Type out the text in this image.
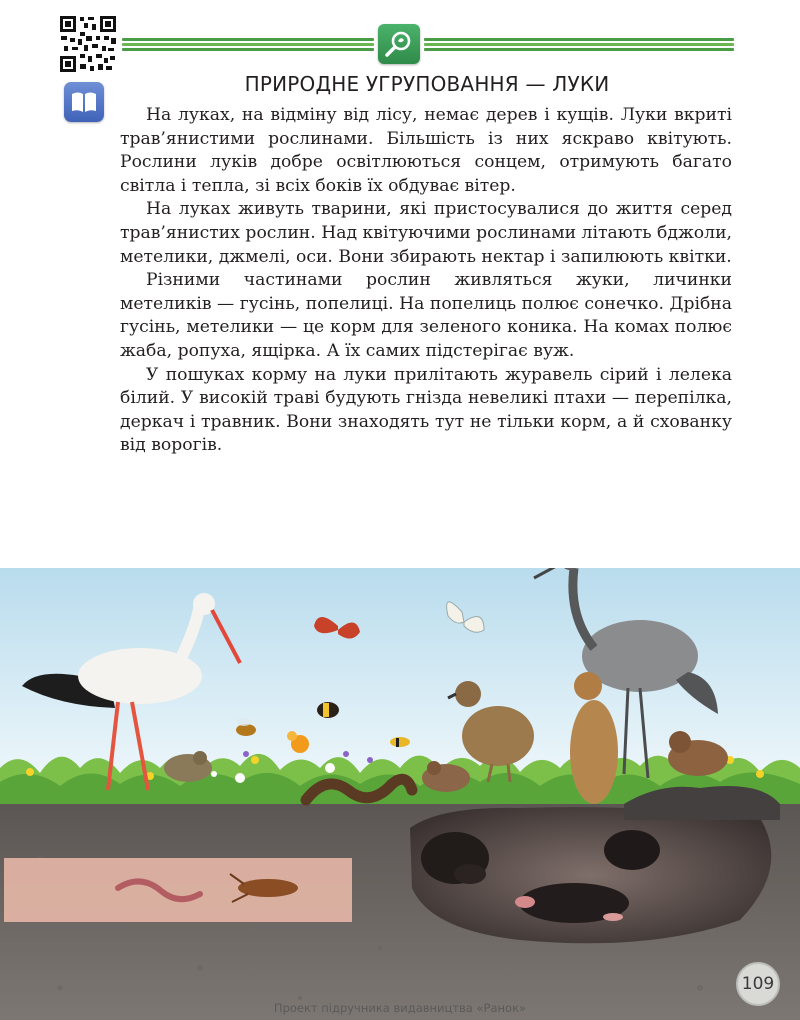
ПРИРОДНЕ УГРУПОВАННЯ — ЛУКИ

На луках, на відміну від лісу, немає дерев і кущів. Луки вкриті трав’янистими рослинами. Більшість із них яскраво квітують. Рослини луків добре освітлюються сонцем, отримують багато світла і тепла, зі всіх боків їх обдуває вітер.

На луках живуть тварини, які пристосувалися до життя серед трав’янистих рослин. Над квітуючими рослинами літають бджоли, метелики, джмелі, оси. Вони збирають нектар і запилюють квітки.

Різними частинами рослин живляться жуки, личинки метеликів — гусінь, попелиці. На попелиць полює сонечко. Дрібна гусінь, метелики — це корм для зеленого коника. На комах полює жаба, ропуха, ящірка. А їх самих підстерігає вуж.

У пошуках корму на луки прилітають журавель сірий і лелека білий. У високій траві будують гнізда невеликі птахи — перепілка, деркач і травник. Вони знаходять тут не тільки корм, а й схованку від ворогів.

109
Проект підручника видавництва «Ранок»
